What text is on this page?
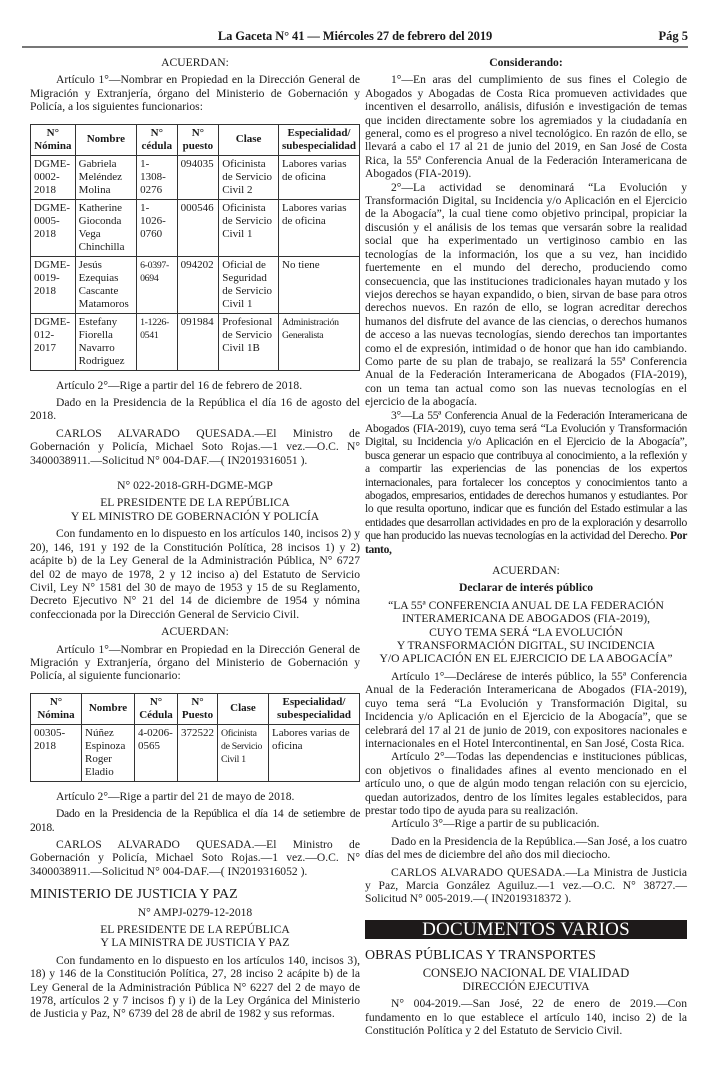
La Gaceta N° 41 — Miércoles 27 de febrero del 2019	Pág 5

ACUERDAN:

Artículo 1°—Nombrar en Propiedad en la Dirección General de Migración y Extranjería, órgano del Ministerio de Gobernación y Policía, a los siguientes funcionarios:

N° Nómina	Nombre	N° cédula	N° puesto	Clase	Especialidad/ subespecialidad
DGME-0002-2018	Gabriela Meléndez Molina	1-1308-0276	094035	Oficinista de Servicio Civil 2	Labores varias de oficina
DGME-0005-2018	Katherine Gioconda Vega Chinchilla	1-1026-0760	000546	Oficinista de Servicio Civil 1	Labores varias de oficina
DGME-0019-2018	Jesús Ezequias Cascante Matamoros	6-0397-0694	094202	Oficial de Seguridad de Servicio Civil 1	No tiene
DGME-012-2017	Estefany Fiorella Navarro Rodriguez	1-1226-0541	091984	Profesional de Servicio Civil 1B	Administración Generalista

Artículo 2°—Rige a partir del 16 de febrero de 2018.

Dado en la Presidencia de la República el día 16 de agosto del 2018.

CARLOS ALVARADO QUESADA.—El Ministro de Gobernación y Policía, Michael Soto Rojas.—1 vez.—O.C. N° 3400038911.—Solicitud N° 004-DAF.—( IN2019316051 ).

N° 022-2018-GRH-DGME-MGP

EL PRESIDENTE DE LA REPÚBLICA

Y EL MINISTRO DE GOBERNACIÓN Y POLICÍA

Con fundamento en lo dispuesto en los artículos 140, incisos 2) y 20), 146, 191 y 192 de la Constitución Política, 28 incisos 1) y 2) acápite b) de la Ley General de la Administración Pública, N° 6727 del 02 de mayo de 1978, 2 y 12 inciso a) del Estatuto de Servicio Civil, Ley N° 1581 del 30 de mayo de 1953 y 15 de su Reglamento, Decreto Ejecutivo N° 21 del 14 de diciembre de 1954 y nómina confeccionada por la Dirección General de Servicio Civil.

ACUERDAN:

Artículo 1°—Nombrar en Propiedad en la Dirección General de Migración y Extranjería, órgano del Ministerio de Gobernación y Policía, al siguiente funcionario:

N° Nómina	Nombre	N° Cédula	N° Puesto	Clase	Especialidad/ subespecialidad
00305-2018	Núñez Espinoza Roger Eladio	4-0206-0565	372522	Oficinista de Servicio Civil 1	Labores varias de oficina

Artículo 2°—Rige a partir del 21 de mayo de 2018.

Dado en la Presidencia de la República el día 14 de setiembre de 2018.

CARLOS ALVARADO QUESADA.—El Ministro de Gobernación y Policía, Michael Soto Rojas.—1 vez.—O.C. N° 3400038911.—Solicitud N° 004-DAF.—( IN2019316052 ).

MINISTERIO DE JUSTICIA Y PAZ

N° AMPJ-0279-12-2018

EL PRESIDENTE DE LA REPÚBLICA

Y LA MINISTRA DE JUSTICIA Y PAZ

Con fundamento en lo dispuesto en los artículos 140, incisos 3), 18) y 146 de la Constitución Política, 27, 28 inciso 2 acápite b) de la Ley General de la Administración Pública N° 6227 del 2 de mayo de 1978, artículos 2 y 7 incisos f) y i) de la Ley Orgánica del Ministerio de Justicia y Paz, N° 6739 del 28 de abril de 1982 y sus reformas.

Considerando:

1°—En aras del cumplimiento de sus fines el Colegio de Abogados y Abogadas de Costa Rica promueven actividades que incentiven el desarrollo, análisis, difusión e investigación de temas que inciden directamente sobre los agremiados y la ciudadanía en general, como es el progreso a nivel tecnológico. En razón de ello, se llevará a cabo el 17 al 21 de junio del 2019, en San José de Costa Rica, la 55ª Conferencia Anual de la Federación Interamericana de Abogados (FIA-2019).

2°—La actividad se denominará “La Evolución y Transformación Digital, su Incidencia y/o Aplicación en el Ejercicio de la Abogacía”, la cual tiene como objetivo principal, propiciar la discusión y el análisis de los temas que versarán sobre la realidad social que ha experimentado un vertiginoso cambio en las tecnologías de la información, los que a su vez, han incidido fuertemente en el mundo del derecho, produciendo como consecuencia, que las instituciones tradicionales hayan mutado y los viejos derechos se hayan expandido, o bien, sirvan de base para otros derechos nuevos. En razón de ello, se logran acreditar derechos humanos del disfrute del avance de las ciencias, o derechos humanos de acceso a las nuevas tecnologías, siendo derechos tan importantes como el de expresión, intimidad o de honor que han ido cambiando. Como parte de su plan de trabajo, se realizará la 55ª Conferencia Anual de la Federación Interamericana de Abogados (FIA-2019), con un tema tan actual como son las nuevas tecnologías en el ejercicio de la abogacía.

3°—La 55ª Conferencia Anual de la Federación Interamericana de Abogados (FIA-2019), cuyo tema será “La Evolución y Transformación Digital, su Incidencia y/o Aplicación en el Ejercicio de la Abogacía”, busca generar un espacio que contribuya al conocimiento, a la reflexión y a compartir las experiencias de las ponencias de los expertos internacionales, para fortalecer los conceptos y conocimientos tanto a abogados, empresarios, entidades de derechos humanos y estudiantes. Por lo que resulta oportuno, indicar que es función del Estado estimular a las entidades que desarrollan actividades en pro de la exploración y desarrollo que han producido las nuevas tecnologías en la actividad del Derecho. Por tanto,

ACUERDAN:

Declarar de interés público

“LA 55ª CONFERENCIA ANUAL DE LA FEDERACIÓN

INTERAMERICANA DE ABOGADOS (FIA-2019),

CUYO TEMA SERÁ “LA EVOLUCIÓN

Y TRANSFORMACIÓN DIGITAL, SU INCIDENCIA

Y/O APLICACIÓN EN EL EJERCICIO DE LA ABOGACÍA”

Artículo 1°—Declárese de interés público, la 55ª Conferencia Anual de la Federación Interamericana de Abogados (FIA-2019), cuyo tema será “La Evolución y Transformación Digital, su Incidencia y/o Aplicación en el Ejercicio de la Abogacía”, que se celebrará del 17 al 21 de junio de 2019, con expositores nacionales e internacionales en el Hotel Intercontinental, en San José, Costa Rica.

Artículo 2°—Todas las dependencias e instituciones públicas, con objetivos o finalidades afines al evento mencionado en el artículo uno, o que de algún modo tengan relación con su ejercicio, quedan autorizados, dentro de los límites legales establecidos, para prestar todo tipo de ayuda para su realización.

Artículo 3°—Rige a partir de su publicación.

Dado en la Presidencia de la República.—San José, a los cuatro días del mes de diciembre del año dos mil dieciocho.

CARLOS ALVARADO QUESADA.—La Ministra de Justicia y Paz, Marcia González Aguiluz.—1 vez.—O.C. N° 38727.—Solicitud N° 005-2019.—( IN2019318372 ).

DOCUMENTOS VARIOS

OBRAS PÚBLICAS Y TRANSPORTES

CONSEJO NACIONAL DE VIALIDAD

DIRECCIÓN EJECUTIVA

N° 004-2019.—San José, 22 de enero de 2019.—Con fundamento en lo que establece el artículo 140, inciso 2) de la Constitución Política y 2 del Estatuto de Servicio Civil.
